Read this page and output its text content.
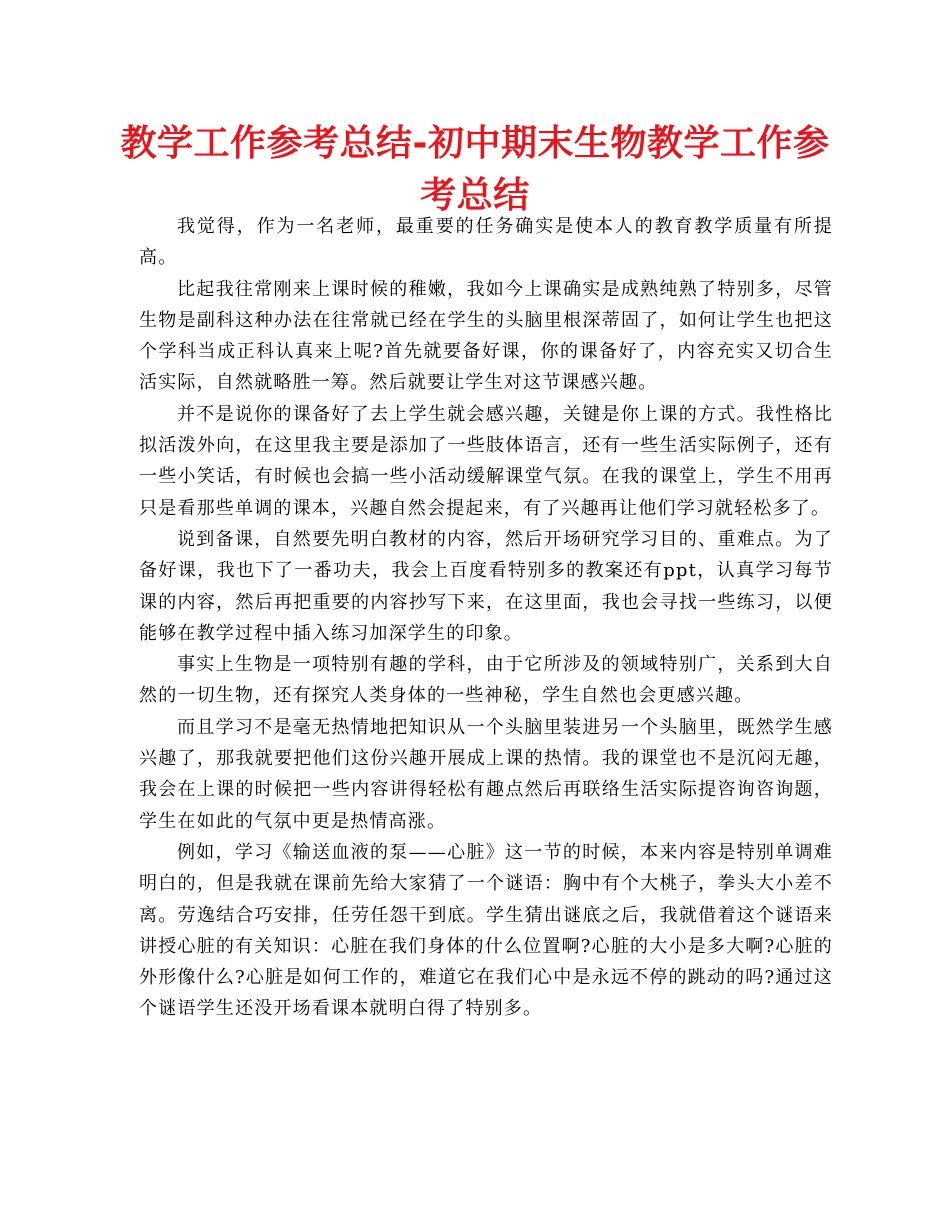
教学工作参考总结-初中期末生物教学工作参考总结

我觉得，作为一名老师，最重要的任务确实是使本人的教育教学质量有所提高。

比起我往常刚来上课时候的稚嫩，我如今上课确实是成熟纯熟了特别多，尽管生物是副科这种办法在往常就已经在学生的头脑里根深蒂固了，如何让学生也把这个学科当成正科认真来上呢?首先就要备好课，你的课备好了，内容充实又切合生活实际，自然就略胜一筹。然后就要让学生对这节课感兴趣。

并不是说你的课备好了去上学生就会感兴趣，关键是你上课的方式。我性格比拟活泼外向，在这里我主要是添加了一些肢体语言，还有一些生活实际例子，还有一些小笑话，有时候也会搞一些小活动缓解课堂气氛。在我的课堂上，学生不用再只是看那些单调的课本，兴趣自然会提起来，有了兴趣再让他们学习就轻松多了。

说到备课，自然要先明白教材的内容，然后开场研究学习目的、重难点。为了备好课，我也下了一番功夫，我会上百度看特别多的教案还有ppt，认真学习每节课的内容，然后再把重要的内容抄写下来，在这里面，我也会寻找一些练习，以便能够在教学过程中插入练习加深学生的印象。

事实上生物是一项特别有趣的学科，由于它所涉及的领域特别广，关系到大自然的一切生物，还有探究人类身体的一些神秘，学生自然也会更感兴趣。

而且学习不是毫无热情地把知识从一个头脑里装进另一个头脑里，既然学生感兴趣了，那我就要把他们这份兴趣开展成上课的热情。我的课堂也不是沉闷无趣，我会在上课的时候把一些内容讲得轻松有趣点然后再联络生活实际提咨询咨询题，学生在如此的气氛中更是热情高涨。

例如，学习《输送血液的泵——心脏》这一节的时候，本来内容是特别单调难明白的，但是我就在课前先给大家猜了一个谜语：胸中有个大桃子，拳头大小差不离。劳逸结合巧安排，任劳任怨干到底。学生猜出谜底之后，我就借着这个谜语来讲授心脏的有关知识：心脏在我们身体的什么位置啊?心脏的大小是多大啊?心脏的外形像什么?心脏是如何工作的，难道它在我们心中是永远不停的跳动的吗?通过这个谜语学生还没开场看课本就明白得了特别多。
